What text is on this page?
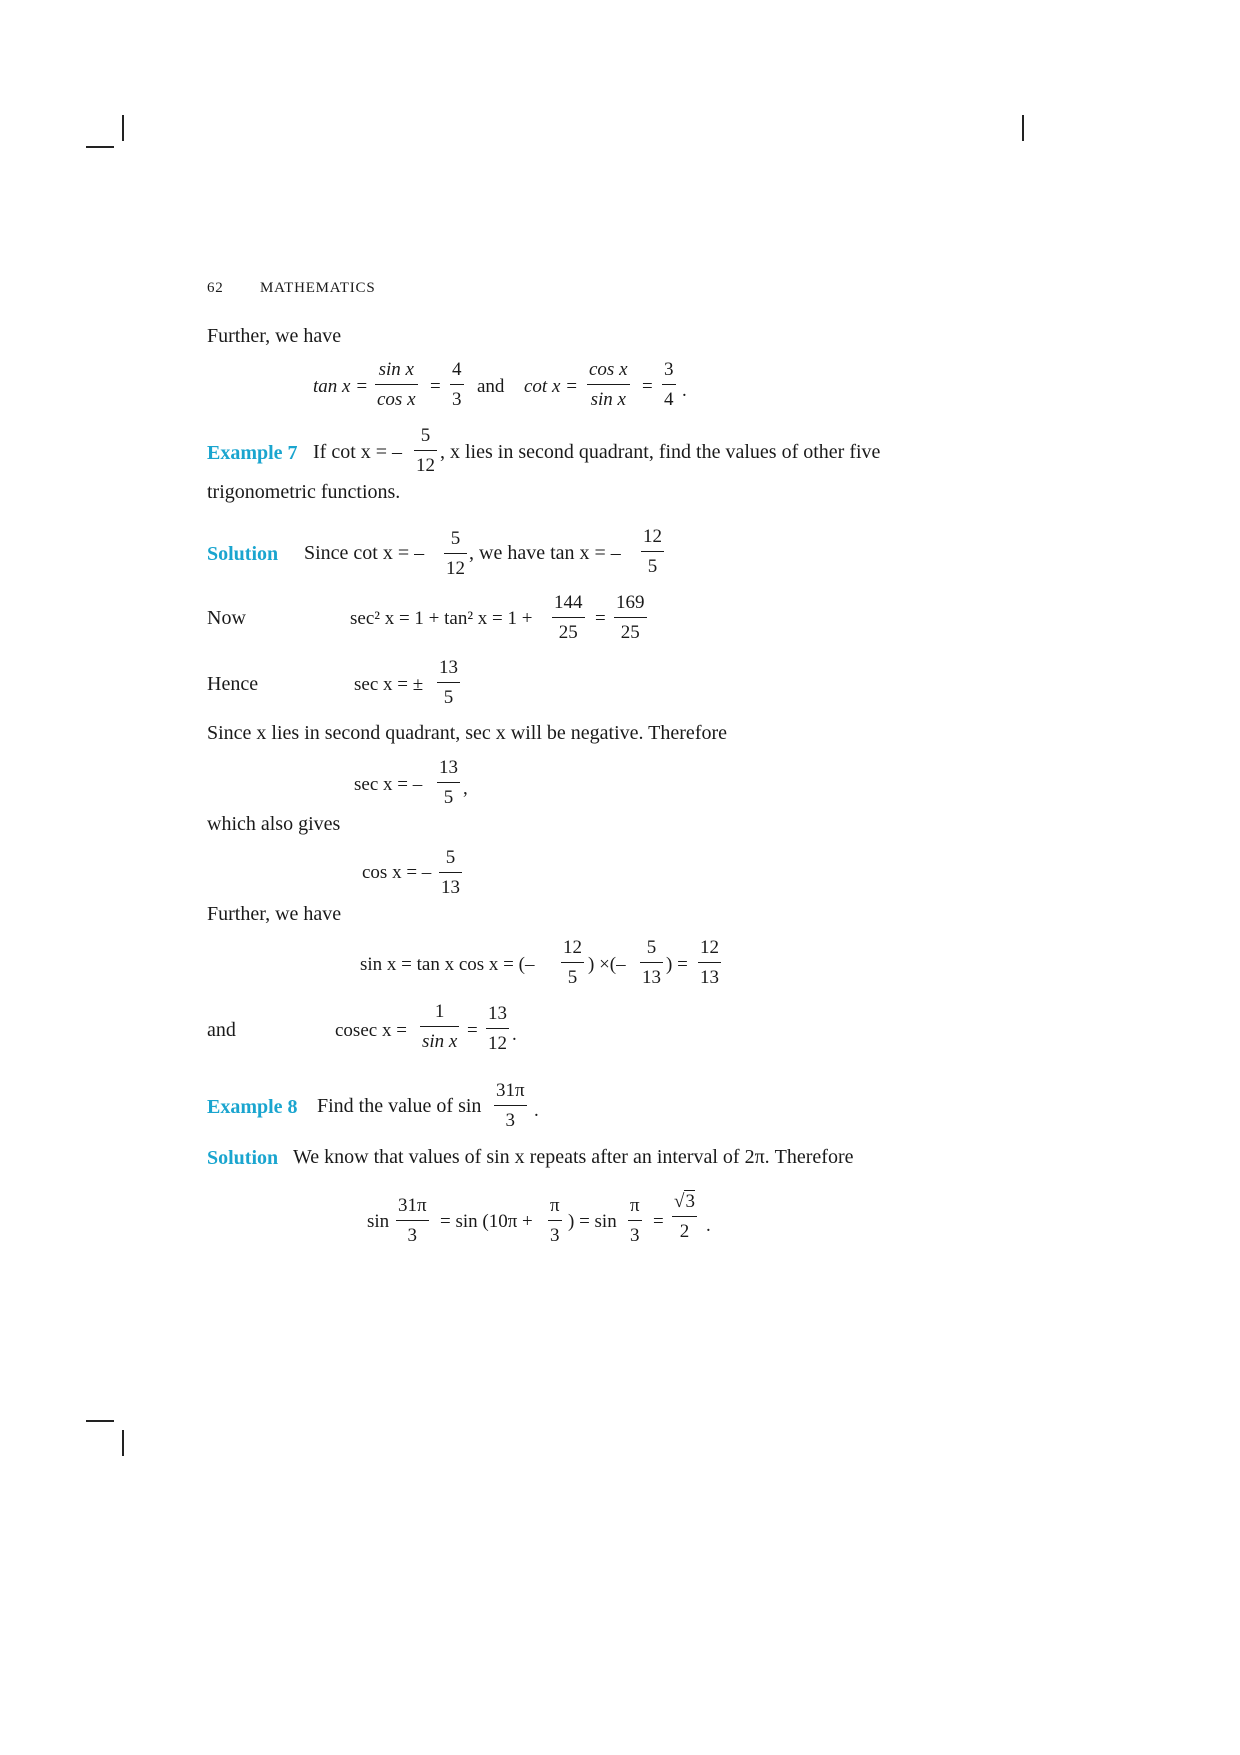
62 MATHEMATICS
Further, we have
$\tan x = \frac{\text{sin x}}{\text{cos x}} = \frac{4}{3}$ and $\cot x = \frac{\text{cos x}}{\text{sin x}} = \frac{3}{4}$ .
Example 7 If cot x = – $\frac{5}{12}$ , x lies in second quadrant, find the values of other five
trigonometric functions.
Solution Since cot x = – $\frac{5}{12}$ , we have tan x = – $\frac{12}{5}$
Now	sec² x = 1 + tan² $x = 1 + \frac{144}{25} = \frac{169}{25}$
Hence	sec x = ± $\frac{13}{5}$
Since x lies in second quadrant, sec x will be negative. Therefore
sec x = – $\frac{13}{5}$ ,
which also gives
cos x = – $\frac{5}{13}$
Further, we have
sin x = tan x cos x = (– $\frac{12}{5}$ ) ×(– $\frac{5}{13}$ ) = $\frac{12}{13}$
and	cosec $x = \frac{1}{\text{sin x}} = \frac{13}{12}$ .
Example 8 Find the value of $\sin \frac{31\pi}{3}$ .
Solution We know that values of sin x repeats after an interval of 2π. Therefore
$\sin \frac{31\pi}{3} = \sin (10\pi + \frac{\pi}{3}$ ) = $\sin \frac{\pi}{3} = \frac{√3}{2}$ .
